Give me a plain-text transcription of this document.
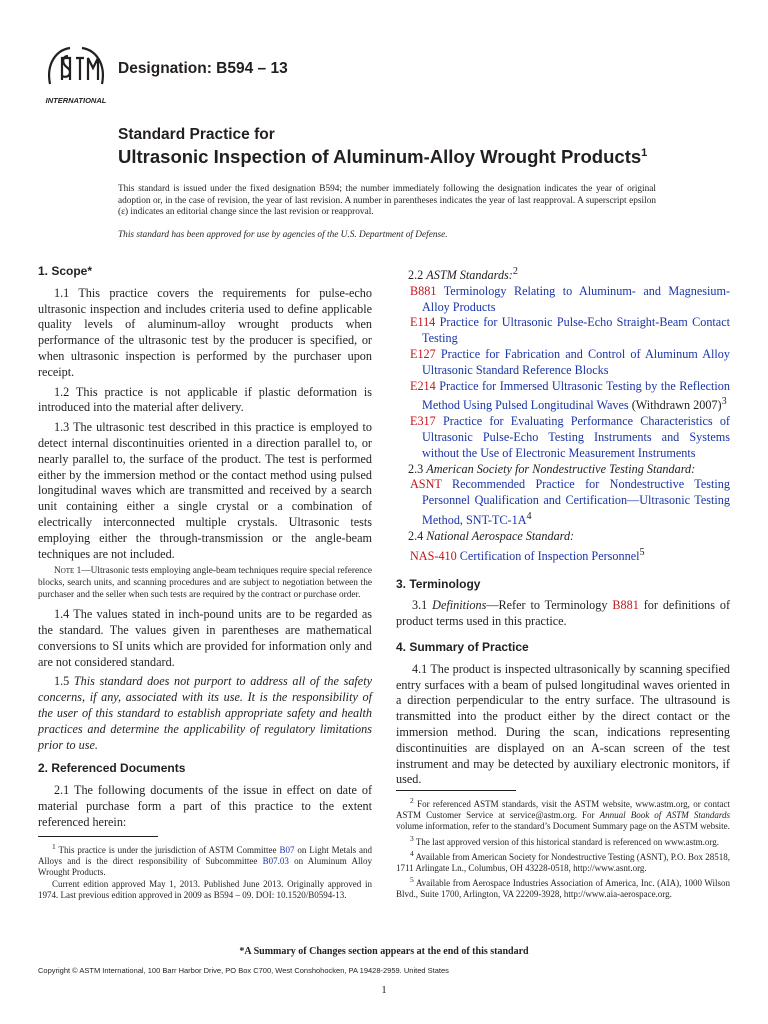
INTERNATIONAL
Designation: B594 – 13
Standard Practice for
Ultrasonic Inspection of Aluminum-Alloy Wrought Products$^1$
This standard is issued under the fixed designation B594; the number immediately following the designation indicates the year of original adoption or, in the case of revision, the year of last revision. A number in parentheses indicates the year of last reapproval. A superscript epsilon (ε) indicates an editorial change since the last revision or reapproval.
This standard has been approved for use by agencies of the U.S. Department of Defense.
1. Scope*
1.1 This practice covers the requirements for pulse-echo ultrasonic inspection and includes criteria used to define applicable quality levels of aluminum-alloy wrought products when performance of the ultrasonic test by the producer is specified, or when ultrasonic inspection is performed by the purchaser upon receipt.
1.2 This practice is not applicable if plastic deformation is introduced into the material after delivery.
1.3 The ultrasonic test described in this practice is employed to detect internal discontinuities oriented in a direction parallel to, or nearly parallel to, the surface of the product. The test is performed either by the immersion method or the contact method using pulsed longitudinal waves which are transmitted and received by a search unit containing either a single crystal or a combination of electrically interconnected multiple crystals. Ultrasonic tests employing either the through-transmission or the angle-beam techniques are not included.
Note 1—Ultrasonic tests employing angle-beam techniques require special reference blocks, search units, and scanning procedures and are subject to negotiation between the purchaser and the seller when such tests are required by the contract or purchase order.
1.4 The values stated in inch-pound units are to be regarded as the standard. The values given in parentheses are mathematical conversions to SI units which are provided for information only and are not considered standard.
1.5 This standard does not purport to address all of the safety concerns, if any, associated with its use. It is the responsibility of the user of this standard to establish appropriate safety and health practices and determine the applicability of regulatory limitations prior to use.
2. Referenced Documents
2.1 The following documents of the issue in effect on date of material purchase form a part of this practice to the extent referenced herein:

$^1$ This practice is under the jurisdiction of ASTM Committee B07 on Light Metals and Alloys and is the direct responsibility of Subcommittee B07.03 on Aluminum Alloy Wrought Products.

Current edition approved May 1, 2013. Published June 2013. Originally approved in 1974. Last previous edition approved in 2009 as B594 – 09. DOI: 10.1520/B0594-13.

2.2 ASTM Standards:$^2$
B881 Terminology Relating to Aluminum- and Magnesium-Alloy Products
E114 Practice for Ultrasonic Pulse-Echo Straight-Beam Contact Testing
E127 Practice for Fabrication and Control of Aluminum Alloy Ultrasonic Standard Reference Blocks
E214 Practice for Immersed Ultrasonic Testing by the Reflection Method Using Pulsed Longitudinal Waves (Withdrawn 2007)$^3$
E317 Practice for Evaluating Performance Characteristics of Ultrasonic Pulse-Echo Testing Instruments and Systems without the Use of Electronic Measurement Instruments
2.3 American Society for Nondestructive Testing Standard:
ASNT Recommended Practice for Nondestructive Testing Personnel Qualification and Certification—Ultrasonic Testing Method, SNT-$TC-1A^4$
2.4 National Aerospace Standard:
NAS-410 Certification of Inspection Personnel$^5$
3. Terminology
3.1 Definitions—Refer to Terminology B881 for definitions of product terms used in this practice.
4. Summary of Practice
4.1 The product is inspected ultrasonically by scanning specified entry surfaces with a beam of pulsed longitudinal waves oriented in a direction perpendicular to the entry surface. The ultrasound is transmitted into the product either by the direct contact or the immersion method. During the scan, indications representing discontinuities are displayed on an A-scan screen of the test instrument and may be detected by auxiliary electronic monitors, if used.

$^2$ For referenced ASTM standards, visit the ASTM website, www.astm.org, or contact ASTM Customer Service at service@astm.org. For Annual Book of ASTM Standards volume information, refer to the standard’s Document Summary page on the ASTM website.

$^3$ The last approved version of this historical standard is referenced on www.astm.org.

$^4$ Available from American Society for Nondestructive Testing (ASNT), P.O. Box 28518, 1711 Arlingate Ln., Columbus, OH 43228-0518, http://www.asnt.org.

$^5$ Available from Aerospace Industries Association of America, Inc. (AIA), 1000 Wilson Blvd., Suite 1700, Arlington, VA 22209-3928, http://www.aia-aerospace.org.

*A Summary of Changes section appears at the end of this standard
Copyright © ASTM International, 100 Barr Harbor Drive, PO Box C700, West Conshohocken, PA 19428-2959. United States
1
